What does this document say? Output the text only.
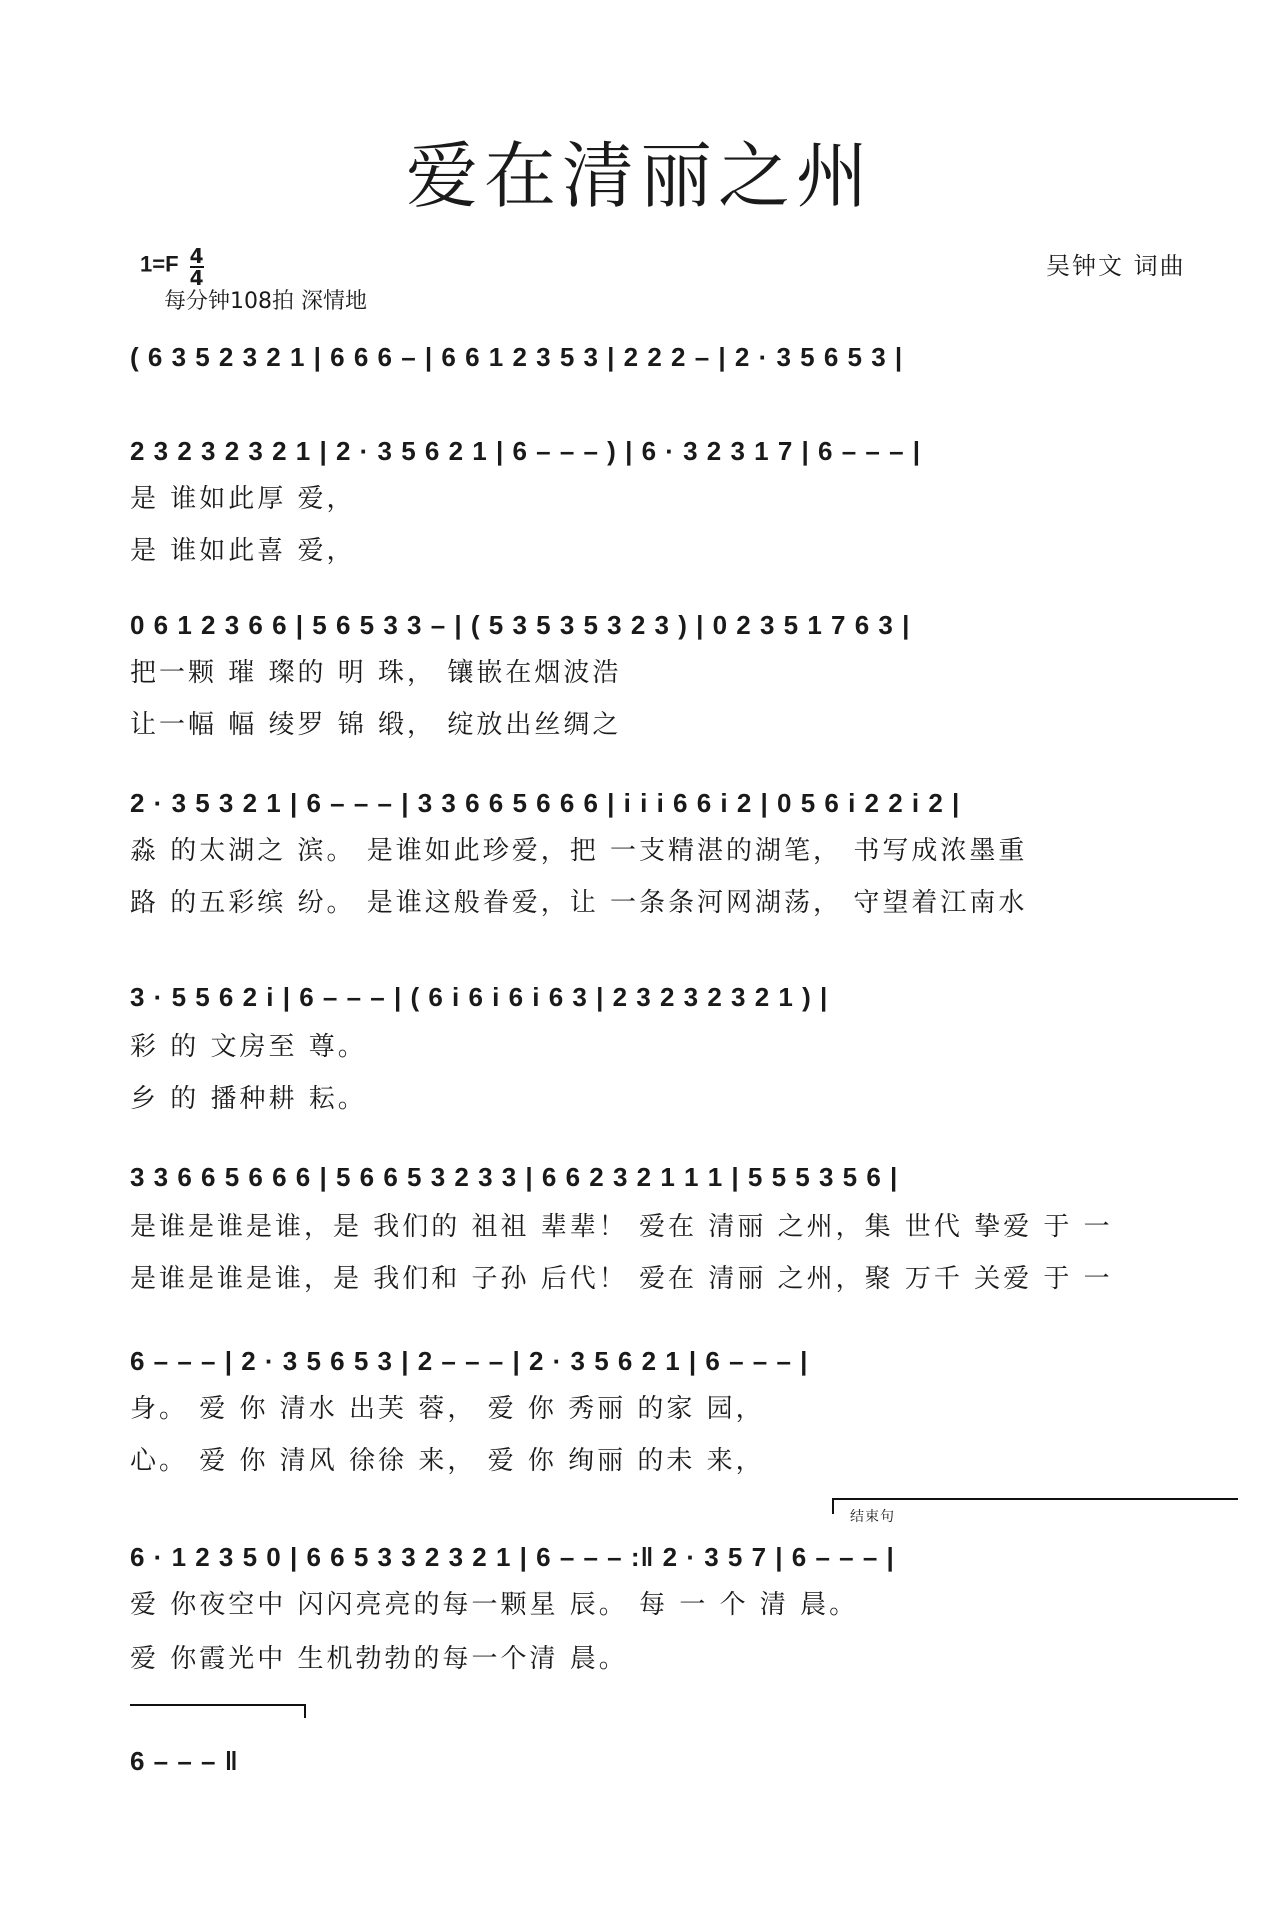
爱在清丽之州
$1=F \frac{4}{4}$
每分钟108拍 深情地
吴钟文 词曲
( 6 3 5 2 3 2 1 | 6 6 6 – | 6 6 1 2 3 5 3 | 2 2 2 – | 2 · 3 5 6 5 3 |
2 3 2 3 2 3 2 1 | 2 · 3 5 6 2 1 | 6 – – – ) | 6 · 3 2 3 1 7 | 6 – – – |
是 谁如此厚 爱，
是 谁如此喜 爱，
0 6 1 2 3 6 6 | 5 6 5 3 3 – | ( 5 3 5 3 5 3 2 3 ) | 0 2 3 5 1 7 6 3 |
把一颗 璀 璨的 明 珠， 镶嵌在烟波浩
让一幅 幅 绫罗 锦 缎， 绽放出丝绸之
2 · 3 5 3 2 1 | 6 – – – | 3 3 6 6 5 6 6 6 | i i i 6 6 i 2 | 0 5 6 i 2 2 i 2 |
淼 的太湖之 滨。 是谁如此珍爱，把 一支精湛的湖笔， 书写成浓墨重
路 的五彩缤 纷。 是谁这般眷爱，让 一条条河网湖荡， 守望着江南水
3 · 5 5 6 2 i | 6 – – – | ( 6 i 6 i 6 i 6 3 | 2 3 2 3 2 3 2 1 ) |
彩 的 文房至 尊。
乡 的 播种耕 耘。
3 3 6 6 5 6 6 6 | 5 6 6 5 3 2 3 3 | 6 6 2 3 2 1 1 1 | 5 5 5 3 5 6 |
是谁是谁是谁，是 我们的 祖祖 辈辈！ 爱在 清丽 之州，集 世代 挚爱 于 一
是谁是谁是谁，是 我们和 子孙 后代！ 爱在 清丽 之州，聚 万千 关爱 于 一
6 – – – | 2 · 3 5 6 5 3 | 2 – – – | 2 · 3 5 6 2 1 | 6 – – – |
身。 爱 你 清水 出芙 蓉， 爱 你 秀丽 的家 园，
心。 爱 你 清风 徐徐 来， 爱 你 绚丽 的未 来，
结束句
6 · 1 2 3 5 0 | 6 6 5 3 3 2 3 2 1 | 6 – – – :‖ 2 · 3 5 7 | 6 – – – |
爱 你夜空中 闪闪亮亮的每一颗星 辰。 每 一 个 清 晨。
爱 你霞光中 生机勃勃的每一个清 晨。
6 – – – ‖
